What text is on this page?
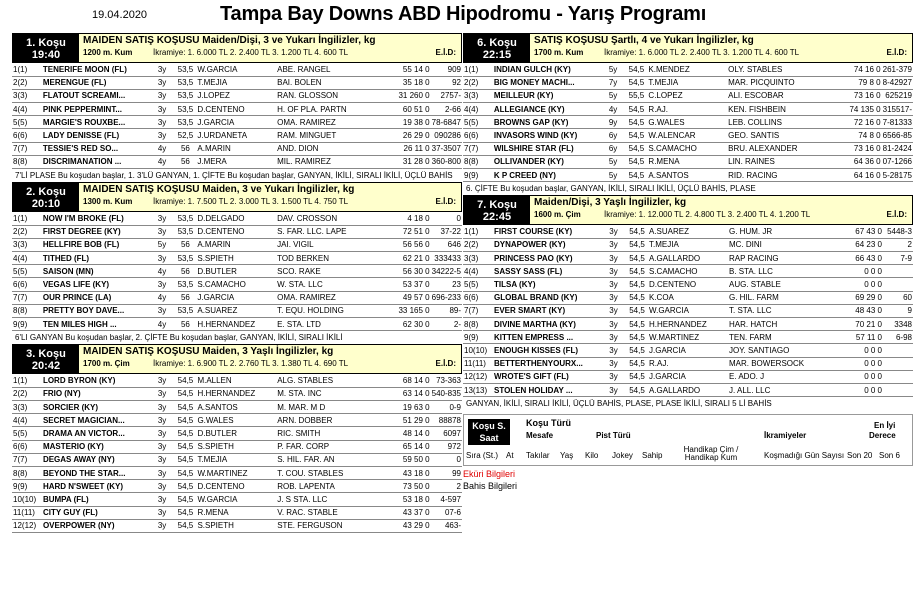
19.04.2020	Tampa Bay Downs ABD Hipodromu - Yarış Programı
1. Koşu
19:40
MAIDEN SATIŞ KOŞUSU Maiden/Dişi, 3 ve Yukarı İngilizler, kg
1200 m. Kum	İkramiye: 1. 6.000 TL 2. 2.400 TL 3. 1.200 TL 4. 600 TL	E.İ.D:
1(1)	TENERIFE MOON (FL)	3y	53,5	W.GARCIA	ABE. RANGEL	55 14 0	909
2(2)	MERENGUE (FL)	3y	53,5	T.MEJIA	BAI. BOLEN	35 18 0	92
3(3)	FLATOUT SCREAMI...	3y	53,5	J.LOPEZ	RAN. GLOSSON	31 260 0	2757-
4(4)	PINK PEPPERMINT...	3y	53,5	D.CENTENO	H. OF PLA. PARTN	60 51 0	2-66
5(5)	MARGIE'S ROUXBE...	3y	53,5	J.GARCIA	OMA. RAMIREZ	19 38 0	78-6847
6(6)	LADY DENISSE (FL)	3y	52,5	J.URDANETA	RAM. MINGUET	26 29 0	090286
7(7)	TESSIE'S RED SO...	4y	56	A.MARIN	AND. DION	26 11 0	37-3507
8(8)	DISCRIMANATION ...	4y	56	J.MERA	MIL. RAMIREZ	31 28 0	360-800
7'Lİ PLASE Bu koşudan başlar, 1. 3'LÜ GANYAN, 1. ÇİFTE Bu koşudan başlar, GANYAN, İKİLİ, SIRALI İKİLİ, ÜÇLÜ BAHİS
2. Koşu
20:10
MAIDEN SATIŞ KOŞUSU Maiden, 3 ve Yukarı İngilizler, kg
1300 m. Kum	İkramiye: 1. 7.500 TL 2. 3.000 TL 3. 1.500 TL 4. 750 TL	E.İ.D:
1(1)	NOW I'M BROKE (FL)	3y	53,5	D.DELGADO	DAV. CROSSON	4 18 0	0
2(2)	FIRST DEGREE (KY)	3y	53,5	D.CENTENO	S. FAR. LLC. LAPE	72 51 0	37-22
3(3)	HELLFIRE BOB (FL)	5y	56	A.MARIN	JAI. VIGIL	56 56 0	646
4(4)	TITHED (FL)	3y	53,5	S.SPIETH	TOD BERKEN	62 21 0	333433
5(5)	SAISON (MN)	4y	56	D.BUTLER	SCO. RAKE	56 30 0	34222-5
6(6)	VEGAS LIFE (KY)	3y	53,5	S.CAMACHO	W. STA. LLC	53 37 0	23
7(7)	OUR PRINCE (LA)	4y	56	J.GARCIA	OMA. RAMIREZ	49 57 0	696-233
8(8)	PRETTY BOY DAVE...	3y	53,5	A.SUAREZ	T. EQU. HOLDING	33 165 0	89-
9(9)	TEN MILES HIGH ...	4y	56	H.HERNANDEZ	E. STA. LTD	62 30 0	2-
6'LI GANYAN Bu koşudan başlar, 2. ÇİFTE Bu koşudan başlar, GANYAN, İKİLİ, SIRALI İKİLİ
3. Koşu
20:42
MAIDEN SATIŞ KOŞUSU Maiden, 3 Yaşlı İngilizler, kg
1700 m. Çim	İkramiye: 1. 6.900 TL 2. 2.760 TL 3. 1.380 TL 4. 690 TL	E.İ.D:
1(1)	LORD BYRON (KY)	3y	54,5	M.ALLEN	ALG. STABLES	68 14 0	73-363
2(2)	FRIO (NY)	3y	54,5	H.HERNANDEZ	M. STA. INC	63 14 0	540-835
3(3)	SORCIER (KY)	3y	54,5	A.SANTOS	M. MAR. M D	19 63 0	0-9
4(4)	SECRET MAGICIAN...	3y	54,5	G.WALES	ARN. DOBBER	51 29 0	88878
5(5)	DRAMA AN VICTOR...	3y	54,5	D.BUTLER	RIC. SMITH	48 14 0	6097
6(6)	MASTERIO (KY)	3y	54,5	S.SPIETH	P. FAR. CORP	65 14 0	972
7(7)	DEGAS AWAY (NY)	3y	54,5	T.MEJIA	S. HIL. FAR. AN	59 50 0	0
8(8)	BEYOND THE STAR...	3y	54,5	W.MARTINEZ	T. COU. STABLES	43 18 0	99
9(9)	HARD N'SWEET (KY)	3y	54,5	D.CENTENO	ROB. LAPENTA	73 50 0	2
10(10)	BUMPA (FL)	3y	54,5	W.GARCIA	J. S STA. LLC	53 18 0	4-597
11(11)	CITY GUY (FL)	3y	54,5	R.MENA	V. RAC. STABLE	43 37 0	07-6
12(12)	OVERPOWER (NY)	3y	54,5	S.SPIETH	STE. FERGUSON	43 29 0	463-
6. Koşu
22:15
SATIŞ KOŞUSU Şartlı, 4 ve Yukarı İngilizler, kg
1700 m. Kum	İkramiye: 1. 6.000 TL 2. 2.400 TL 3. 1.200 TL 4. 600 TL	E.İ.D:
1(1)	INDIAN GULCH (KY)	5y	54,5	K.MENDEZ	OLY. STABLES	74 16 0	261-379
2(2)	BIG MONEY MACHI...	7y	54,5	T.MEJIA	MAR. PICQUINTO	79 8 0	8-42927
3(3)	MEILLEUR (KY)	5y	55,5	C.LOPEZ	ALI. ESCOBAR	73 16 0	625219
4(4)	ALLEGIANCE (KY)	4y	54,5	R.AJ.	KEN. FISHBEIN	74 135 0	315517-
5(5)	BROWNS GAP (KY)	9y	54,5	G.WALES	LEB. COLLINS	72 16 0	7-81333
6(6)	INVASORS WIND (KY)	6y	54,5	W.ALENCAR	GEO. SANTIS	74 8 0	6566-85
7(7)	WILSHIRE STAR (FL)	6y	54,5	S.CAMACHO	BRU. ALEXANDER	73 16 0	81-2424
8(8)	OLLIVANDER (KY)	5y	54,5	R.MENA	LIN. RAINES	64 36 0	07-1266
9(9)	K P CREED (NY)	5y	54,5	A.SANTOS	RID. RACING	64 16 0	5-28175
6. ÇİFTE Bu koşudan başlar, GANYAN, İKİLİ, SIRALI İKİLİ, ÜÇLÜ BAHİS, PLASE
7. Koşu
22:45
Maiden/Dişi, 3 Yaşlı İngilizler, kg
1600 m. Çim	İkramiye: 1. 12.000 TL 2. 4.800 TL 3. 2.400 TL 4. 1.200 TL	E.İ.D:
1(1)	FIRST COURSE (KY)	3y	54,5	A.SUAREZ	G. HUM. JR	67 43 0	5448-3
2(2)	DYNAPOWER (KY)	3y	54,5	T.MEJIA	MC. DINI	64 23 0	2
3(3)	PRINCESS PAO (KY)	3y	54,5	A.GALLARDO	RAP RACING	66 43 0	7-9
4(4)	SASSY SASS (FL)	3y	54,5	S.CAMACHO	B. STA. LLC	0 0 0	
5(5)	TILSA (KY)	3y	54,5	D.CENTENO	AUG. STABLE	0 0 0	
6(6)	GLOBAL BRAND (KY)	3y	54,5	K.COA	G. HIL. FARM	69 29 0	60
7(7)	EVER SMART (KY)	3y	54,5	W.GARCIA	T. STA. LLC	48 43 0	9
8(8)	DIVINE MARTHA (KY)	3y	54,5	H.HERNANDEZ	HAR. HATCH	70 21 0	3348
9(9)	KITTEN EMPRESS ...	3y	54,5	W.MARTINEZ	TEN. FARM	57 11 0	6-98
10(10)	ENOUGH KISSES (FL)	3y	54,5	J.GARCIA	JOY. SANTIAGO	0 0 0	
11(11)	BETTERTHENYOURX...	3y	54,5	R.AJ.	MAR. BOWERSOCK	0 0 0	
12(12)	WROTE'S GIFT (FL)	3y	54,5	J.GARCIA	E. ADO. J	0 0 0	
13(13)	STOLEN HOLIDAY ...	3y	54,5	A.GALLARDO	J. ALL. LLC	0 0 0	
GANYAN, İKİLİ, SIRALI İKİLİ, ÜÇLÜ BAHİS, PLASE, PLASE İKİLİ, SIRALI 5 Lİ BAHİS
Koşu S.
Saat
Koşu Türü
Mesafe	Pist Türü	İkramiyeler
En İyi
Derece
Sıra (St.) At Takılar Yaş Kilo Jokey Sahip
Handikap Çim / Handikap Kum	Koşmadığı Gün Sayısı Son 20 Son 6
Eküri Bilgileri
Bahis Bilgileri
